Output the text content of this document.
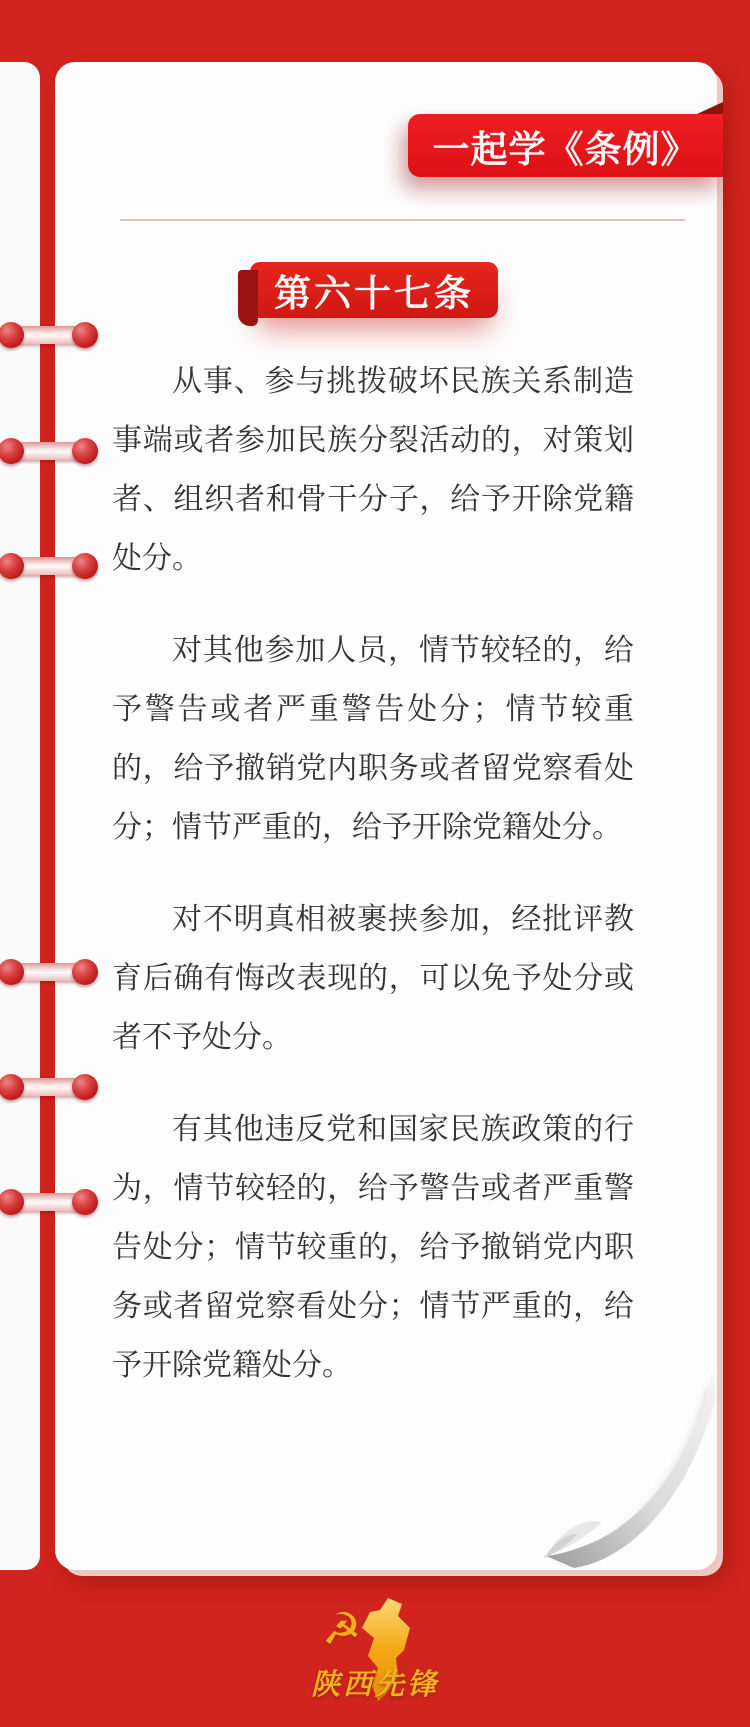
一起学《条例》
第六十七条

从事、参与挑拨破坏民族关系制造事端或者参加民族分裂活动的，对策划者、组织者和骨干分子，给予开除党籍处分。

对其他参加人员，情节较轻的，给予警告或者严重警告处分；情节较重的，给予撤销党内职务或者留党察看处分；情节严重的，给予开除党籍处分。

对不明真相被裹挟参加，经批评教育后确有悔改表现的，可以免予处分或者不予处分。

有其他违反党和国家民族政策的行为，情节较轻的，给予警告或者严重警告处分；情节较重的，给予撤销党内职务或者留党察看处分；情节严重的，给予开除党籍处分。

☭
陕西先锋
